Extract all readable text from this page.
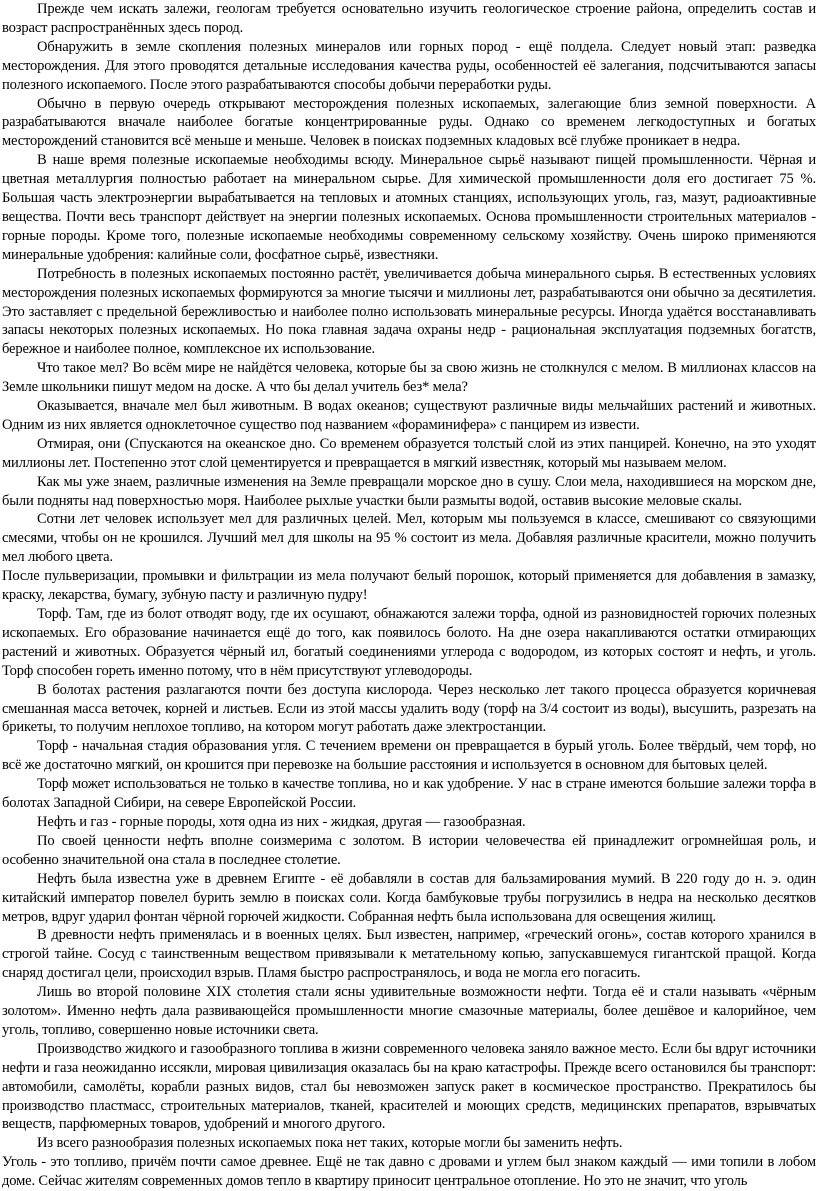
Прежде чем искать залежи, геологам требуется основательно изучить геологическое строение района, определить состав и возраст распространённых здесь пород.

Обнаружить в земле скопления полезных минералов или горных пород - ещё полдела. Следует новый этап: разведка месторождения. Для этого проводятся детальные исследования качества руды, особенностей её залегания, подсчитываются запасы полезного ископаемого. После этого разрабатываются способы добычи переработки руды.

Обычно в первую очередь открывают месторождения полезных ископаемых, залегающие близ земной поверхности. А разрабатываются вначале наиболее богатые концентрированные руды. Однако со временем легкодоступных и богатых месторождений становится всё меньше и меньше. Человек в поисках подземных кладовых всё глубже проникает в недра.

В наше время полезные ископаемые необходимы всюду. Минеральное сырьё называют пищей промышленности. Чёрная и цветная металлургия полностью работает на минеральном сырье. Для химической промышленности доля его достигает 75 %. Большая часть электроэнергии вырабатывается на тепловых и атомных станциях, использующих уголь, газ, мазут, радиоактивные вещества. Почти весь транспорт действует на энергии полезных ископаемых. Основа промышленности строительных материалов - горные породы. Кроме того, полезные ископаемые необходимы современному сельскому хозяйству. Очень широко применяются минеральные удобрения: калийные соли, фосфатное сырьё, известняки.

Потребность в полезных ископаемых постоянно растёт, увеличивается добыча минерального сырья. В естественных условиях месторождения полезных ископаемых формируются за многие тысячи и миллионы лет, разрабатываются они обычно за десятилетия. Это заставляет с предельной бережливостью и наиболее полно использовать минеральные ресурсы. Иногда удаётся восстанавливать запасы некоторых полезных ископаемых. Но пока главная задача охраны недр - рациональная эксплуатация подземных богатств, бережное и наиболее полное, комплексное их использование.

Что такое мел? Во всём мире не найдётся человека, которые бы за свою жизнь не столкнулся с мелом. В миллионах классов на Земле школьники пишут медом на доске. А что бы делал учитель без* мела?

Оказывается, вначале мел был животным. В водах океанов; существуют различные виды мельчайших растений и животных. Одним из них является одноклеточное существо под названием «фораминифера» с панцирем из извести.

Отмирая, они (Спускаются на океанское дно. Со временем образуется толстый слой из этих панцирей. Конечно, на это уходят миллионы лет. Постепенно этот слой цементируется и превращается в мягкий известняк, который мы называем мелом.

Как мы уже знаем, различные изменения на Земле превращали морское дно в сушу. Слои мела, находившиеся на морском дне, были подняты над поверхностью моря. Наиболее рыхлые участки были размыты водой, оставив высокие меловые скалы.

Сотни лет человек использует мел для различных целей. Мел, которым мы пользуемся в классе, смешивают со связующими смесями, чтобы он не крошился. Лучший мел для школы на 95 % состоит из мела. Добавляя различные красители, можно получить мел любого цвета.

После пульверизации, промывки и фильтрации из мела получают белый порошок, который применяется для добавления в замазку, краску, лекарства, бумагу, зубную пасту и различную пудру!

Торф. Там, где из болот отводят воду, где их осушают, обнажаются залежи торфа, одной из разновидностей горючих полезных ископаемых. Его образование начинается ещё до того, как появилось болото. На дне озера накапливаются остатки отмирающих растений и животных. Образуется чёрный ил, богатый соединениями углерода с водородом, из которых состоят и нефть, и уголь. Торф способен гореть именно потому, что в нём присутствуют углеводороды.

В болотах растения разлагаются почти без доступа кислорода. Через несколько лет такого процесса образуется коричневая смешанная масса веточек, корней и листьев. Если из этой массы удалить воду (торф на 3/4 состоит из воды), высушить, разрезать на брикеты, то получим неплохое топливо, на котором могут работать даже электростанции.

Торф - начальная стадия образования угля. С течением времени он превращается в бурый уголь. Более твёрдый, чем торф, но всё же достаточно мягкий, он крошится при перевозке на большие расстояния и используется в основном для бытовых целей.

Торф может использоваться не только в качестве топлива, но и как удобрение. У нас в стране имеются большие залежи торфа в болотах Западной Сибири, на севере Европейской России.

Нефть и газ - горные породы, хотя одна из них - жидкая, другая — газообразная.

По своей ценности нефть вполне соизмерима с золотом. В истории человечества ей принадлежит огромнейшая роль, и особенно значительной она стала в последнее столетие.

Нефть была известна уже в древнем Египте - её добавляли в состав для бальзамирования мумий. В 220 году до н. э. один китайский император повелел бурить землю в поисках соли. Когда бамбуковые трубы погрузились в недра на несколько десятков метров, вдруг ударил фонтан чёрной горючей жидкости. Собранная нефть была использована для освещения жилищ.

В древности нефть применялась и в военных целях. Был известен, например, «греческий огонь», состав которого хранился в строгой тайне. Сосуд с таинственным веществом привязывали к метательному копью, запускавшемуся гигантской пращой. Когда снаряд достигал цели, происходил взрыв. Пламя быстро распространялось, и вода не могла его погасить.

Лишь во второй половине XIX столетия стали ясны удивительные возможности нефти. Тогда её и стали называть «чёрным золотом». Именно нефть дала развивающейся промышленности многие смазочные материалы, более дешёвое и калорийное, чем уголь, топливо, совершенно новые источники света.

Производство жидкого и газообразного топлива в жизни современного человека заняло важное место. Если бы вдруг источники нефти и газа неожиданно иссякли, мировая цивилизация оказалась бы на краю катастрофы. Прежде всего остановился бы транспорт: автомобили, самолёты, корабли разных видов, стал бы невозможен запуск ракет в космическое пространство. Прекратилось бы производство пластмасс, строительных материалов, тканей, красителей и моющих средств, медицинских препаратов, взрывчатых веществ, парфюмерных товаров, удобрений и многого другого.

Из всего разнообразия полезных ископаемых пока нет таких, которые могли бы заменить нефть.

Уголь - это топливо, причём почти самое древнее. Ещё не так давно с дровами и углем был знаком каждый — ими топили в лобом доме. Сейчас жителям современных домов тепло в квартиру приносит центральное отопление. Но это не значит, что уголь
